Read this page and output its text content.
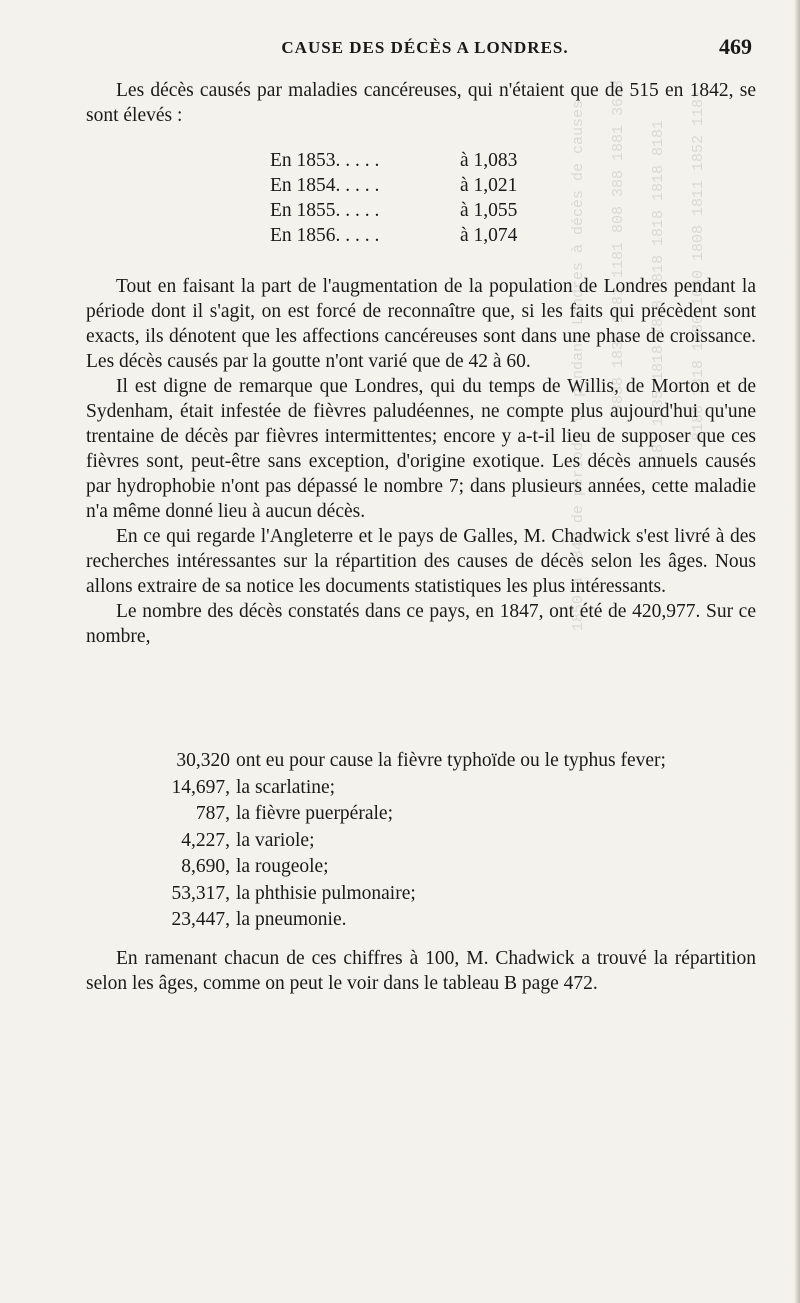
1850 à 1842 de période la pendant Londres à décès de causes 3838 1838 1181 1181 808 388 1881 3628 1181 1835 1818 1818 1818 1818 1818 8181 8188 1818 1880 1080 1808 1811 1852 1181
CAUSE DES DÉCÈS A LONDRES.	469

Les décès causés par maladies cancéreuses, qui n'étaient que de 515 en 1842, se sont élevés :

En 1853. . . . .	à 1,083
En 1854. . . . .	à 1,021
En 1855. . . . .	à 1,055
En 1856. . . . .	à 1,074

Tout en faisant la part de l'augmentation de la population de Londres pendant la période dont il s'agit, on est forcé de reconnaître que, si les faits qui précèdent sont exacts, ils dénotent que les affections cancéreuses sont dans une phase de croissance. Les décès causés par la goutte n'ont varié que de 42 à 60.

Il est digne de remarque que Londres, qui du temps de Willis, de Morton et de Sydenham, était infestée de fièvres paludéennes, ne compte plus aujourd'hui qu'une trentaine de décès par fièvres intermittentes; encore y a-t-il lieu de supposer que ces fièvres sont, peut-être sans exception, d'origine exotique. Les décès annuels causés par hydrophobie n'ont pas dépassé le nombre 7; dans plusieurs années, cette maladie n'a même donné lieu à aucun décès.

En ce qui regarde l'Angleterre et le pays de Galles, M. Chadwick s'est livré à des recherches intéressantes sur la répartition des causes de décès selon les âges. Nous allons extraire de sa notice les documents statistiques les plus intéressants.

Le nombre des décès constatés dans ce pays, en 1847, ont été de 420,977. Sur ce nombre,

30,320 ont eu pour cause la fièvre typhoïde ou le typhus fever;
14,697, la scarlatine;
787, la fièvre puerpérale;
4,227, la variole;
8,690, la rougeole;
53,317, la phthisie pulmonaire;
23,447, la pneumonie.

En ramenant chacun de ces chiffres à 100, M. Chadwick a trouvé la répartition selon les âges, comme on peut le voir dans le tableau B page 472.
